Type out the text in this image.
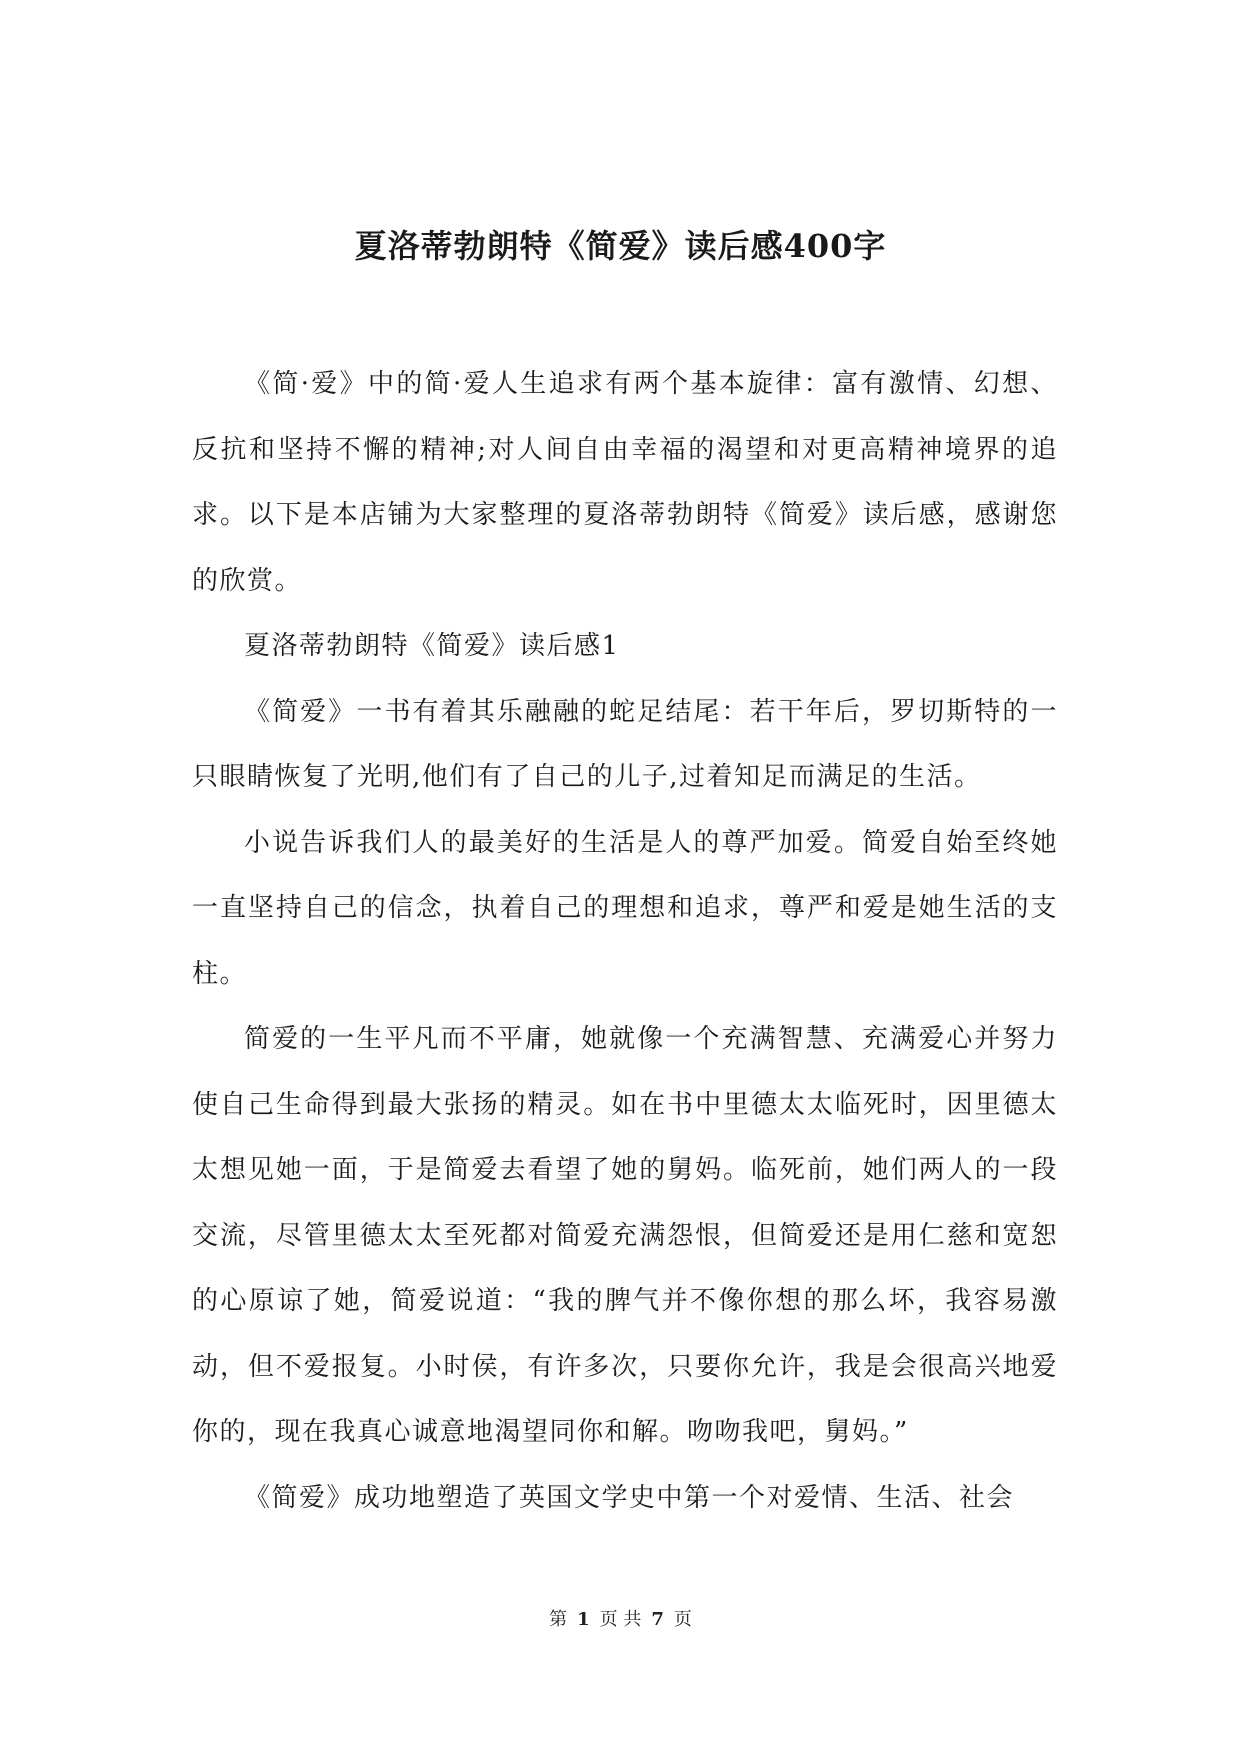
夏洛蒂勃朗特《简爱》读后感400字

《简·爱》中的简·爱人生追求有两个基本旋律：富有激情、幻想、反抗和坚持不懈的精神;对人间自由幸福的渴望和对更高精神境界的追求。以下是本店铺为大家整理的夏洛蒂勃朗特《简爱》读后感，感谢您的欣赏。

夏洛蒂勃朗特《简爱》读后感1

《简爱》一书有着其乐融融的蛇足结尾：若干年后，罗切斯特的一只眼睛恢复了光明,他们有了自己的儿子,过着知足而满足的生活。

小说告诉我们人的最美好的生活是人的尊严加爱。简爱自始至终她一直坚持自己的信念，执着自己的理想和追求，尊严和爱是她生活的支柱。

简爱的一生平凡而不平庸，她就像一个充满智慧、充满爱心并努力使自己生命得到最大张扬的精灵。如在书中里德太太临死时，因里德太太想见她一面，于是简爱去看望了她的舅妈。临死前，她们两人的一段交流，尽管里德太太至死都对简爱充满怨恨，但简爱还是用仁慈和宽恕的心原谅了她，简爱说道：“我的脾气并不像你想的那么坏，我容易激动，但不爱报复。小时侯，有许多次，只要你允许，我是会很高兴地爱你的，现在我真心诚意地渴望同你和解。吻吻我吧，舅妈。”

《简爱》成功地塑造了英国文学史中第一个对爱情、生活、社会

第 1 页 共 7 页
